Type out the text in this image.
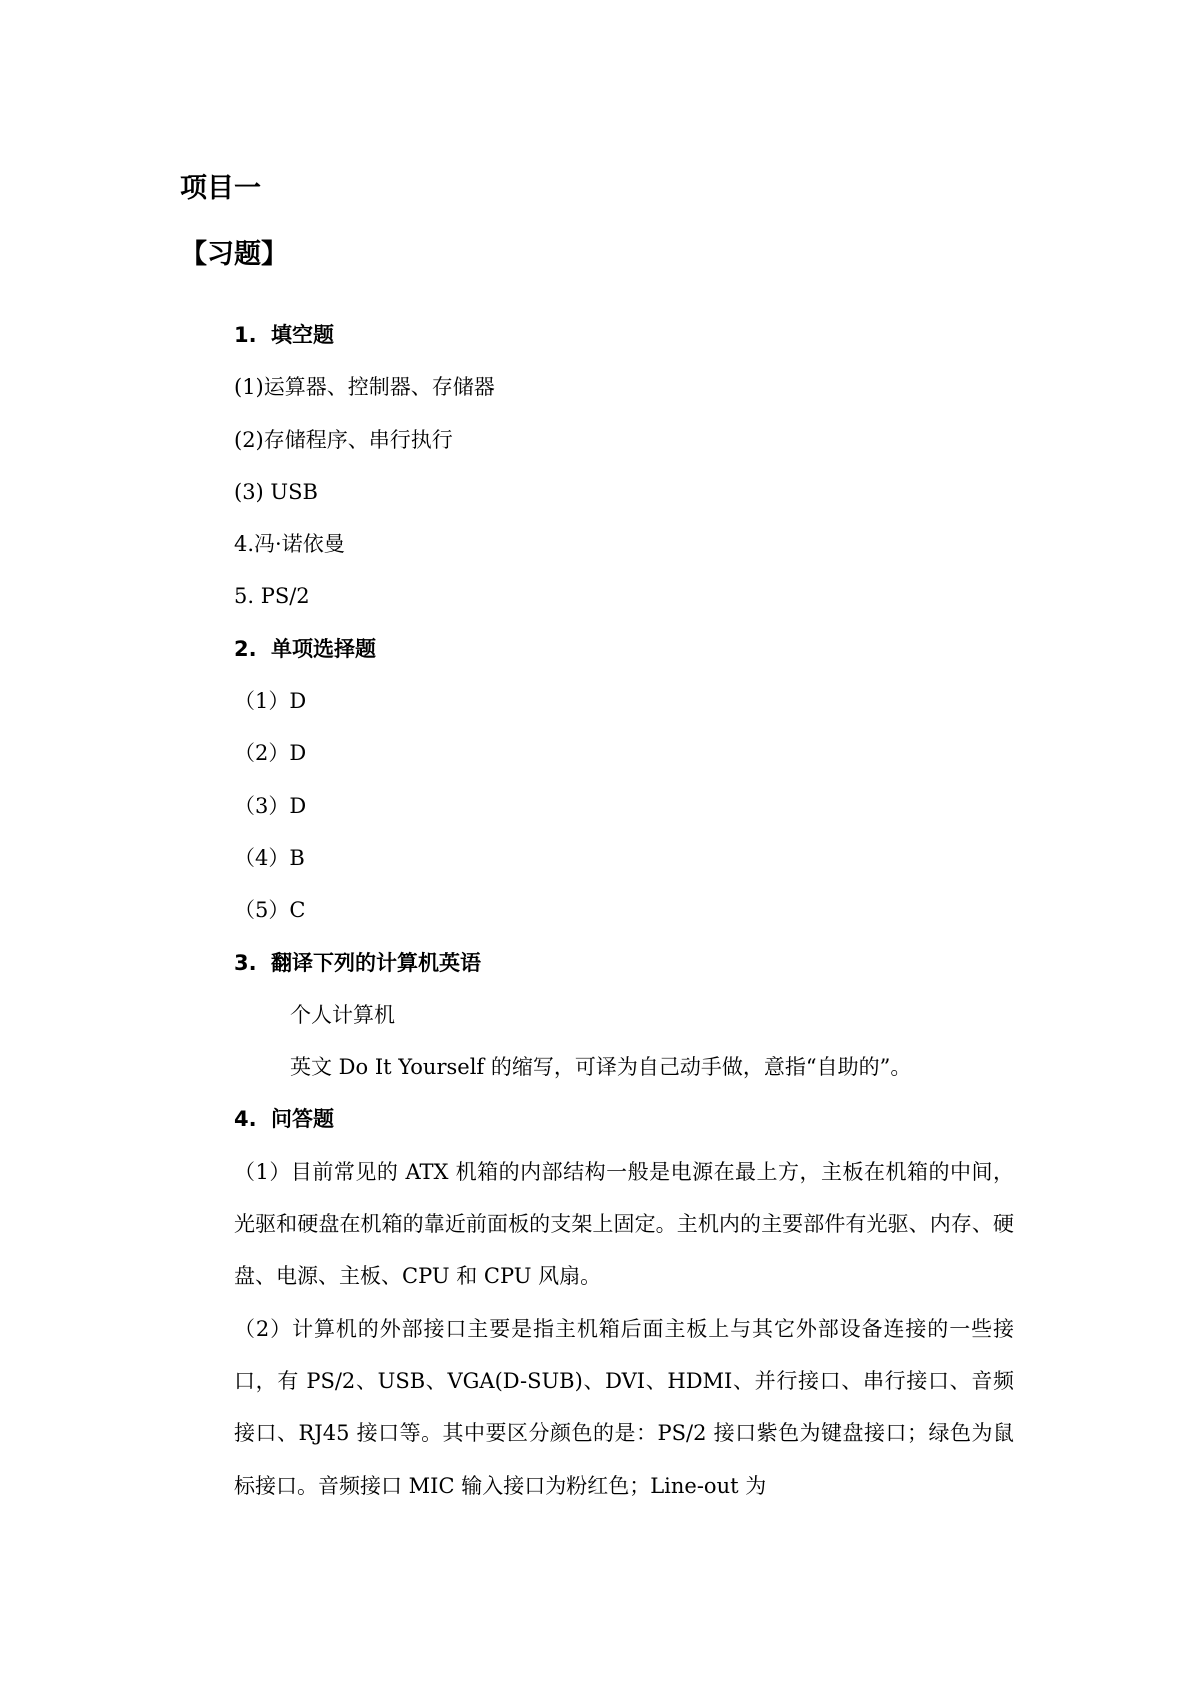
项目一
【习题】
1. 填空题
(1)运算器、控制器、存储器
(2)存储程序、串行执行
(3) USB
4.冯·诺依曼
5. PS/2
2. 单项选择题
（1）D
（2）D
（3）D
（4）B
（5）C
3. 翻译下列的计算机英语
个人计算机
英文 Do It Yourself 的缩写，可译为自己动手做，意指“自助的”。
4. 问答题

（1）目前常见的 ATX 机箱的内部结构一般是电源在最上方，主板在机箱的中间，光驱和硬盘在机箱的靠近前面板的支架上固定。主机内的主要部件有光驱、内存、硬盘、电源、主板、CPU 和 CPU 风扇。

（2）计算机的外部接口主要是指主机箱后面主板上与其它外部设备连接的一些接口，有 PS/2、USB、VGA(D-SUB)、DVI、HDMI、并行接口、串行接口、音频接口、RJ45 接口等。其中要区分颜色的是：PS/2 接口紫色为键盘接口；绿色为鼠标接口。音频接口 MIC 输入接口为粉红色；Line-out 为
